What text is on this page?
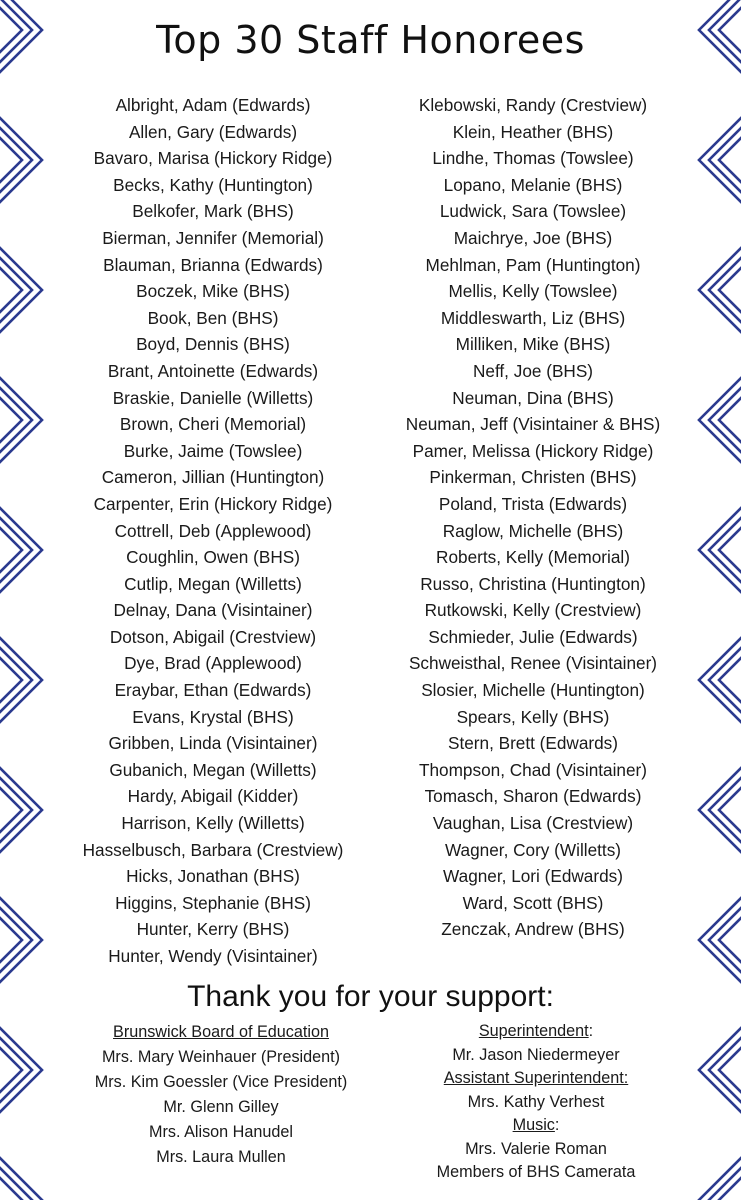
Top 30 Staff Honorees
Albright, Adam (Edwards)
Allen, Gary (Edwards)
Bavaro, Marisa (Hickory Ridge)
Becks, Kathy (Huntington)
Belkofer, Mark (BHS)
Bierman, Jennifer (Memorial)
Blauman, Brianna (Edwards)
Boczek, Mike (BHS)
Book, Ben (BHS)
Boyd, Dennis (BHS)
Brant, Antoinette (Edwards)
Braskie, Danielle (Willetts)
Brown, Cheri (Memorial)
Burke, Jaime (Towslee)
Cameron, Jillian (Huntington)
Carpenter, Erin (Hickory Ridge)
Cottrell, Deb (Applewood)
Coughlin, Owen (BHS)
Cutlip, Megan (Willetts)
Delnay, Dana (Visintainer)
Dotson, Abigail (Crestview)
Dye, Brad (Applewood)
Eraybar, Ethan (Edwards)
Evans, Krystal (BHS)
Gribben, Linda (Visintainer)
Gubanich, Megan (Willetts)
Hardy, Abigail (Kidder)
Harrison, Kelly (Willetts)
Hasselbusch, Barbara (Crestview)
Hicks, Jonathan (BHS)
Higgins, Stephanie (BHS)
Hunter, Kerry (BHS)
Hunter, Wendy (Visintainer)
Klebowski, Randy (Crestview)
Klein, Heather (BHS)
Lindhe, Thomas (Towslee)
Lopano, Melanie (BHS)
Ludwick, Sara (Towslee)
Maichrye, Joe (BHS)
Mehlman, Pam (Huntington)
Mellis, Kelly (Towslee)
Middleswarth, Liz (BHS)
Milliken, Mike (BHS)
Neff, Joe (BHS)
Neuman, Dina (BHS)
Neuman, Jeff (Visintainer & BHS)
Pamer, Melissa (Hickory Ridge)
Pinkerman, Christen (BHS)
Poland, Trista (Edwards)
Raglow, Michelle (BHS)
Roberts, Kelly (Memorial)
Russo, Christina (Huntington)
Rutkowski, Kelly (Crestview)
Schmieder, Julie (Edwards)
Schweisthal, Renee (Visintainer)
Slosier, Michelle (Huntington)
Spears, Kelly (BHS)
Stern, Brett (Edwards)
Thompson, Chad (Visintainer)
Tomasch, Sharon (Edwards)
Vaughan, Lisa (Crestview)
Wagner, Cory (Willetts)
Wagner, Lori (Edwards)
Ward, Scott (BHS)
Zenczak, Andrew (BHS)
Thank you for your support:
Brunswick Board of Education
Mrs. Mary Weinhauer (President)
Mrs. Kim Goessler (Vice President)
Mr. Glenn Gilley
Mrs. Alison Hanudel
Mrs. Laura Mullen
Superintendent:
Mr. Jason Niedermeyer
Assistant Superintendent:
Mrs. Kathy Verhest
Music:
Mrs. Valerie Roman
Members of BHS Camerata
